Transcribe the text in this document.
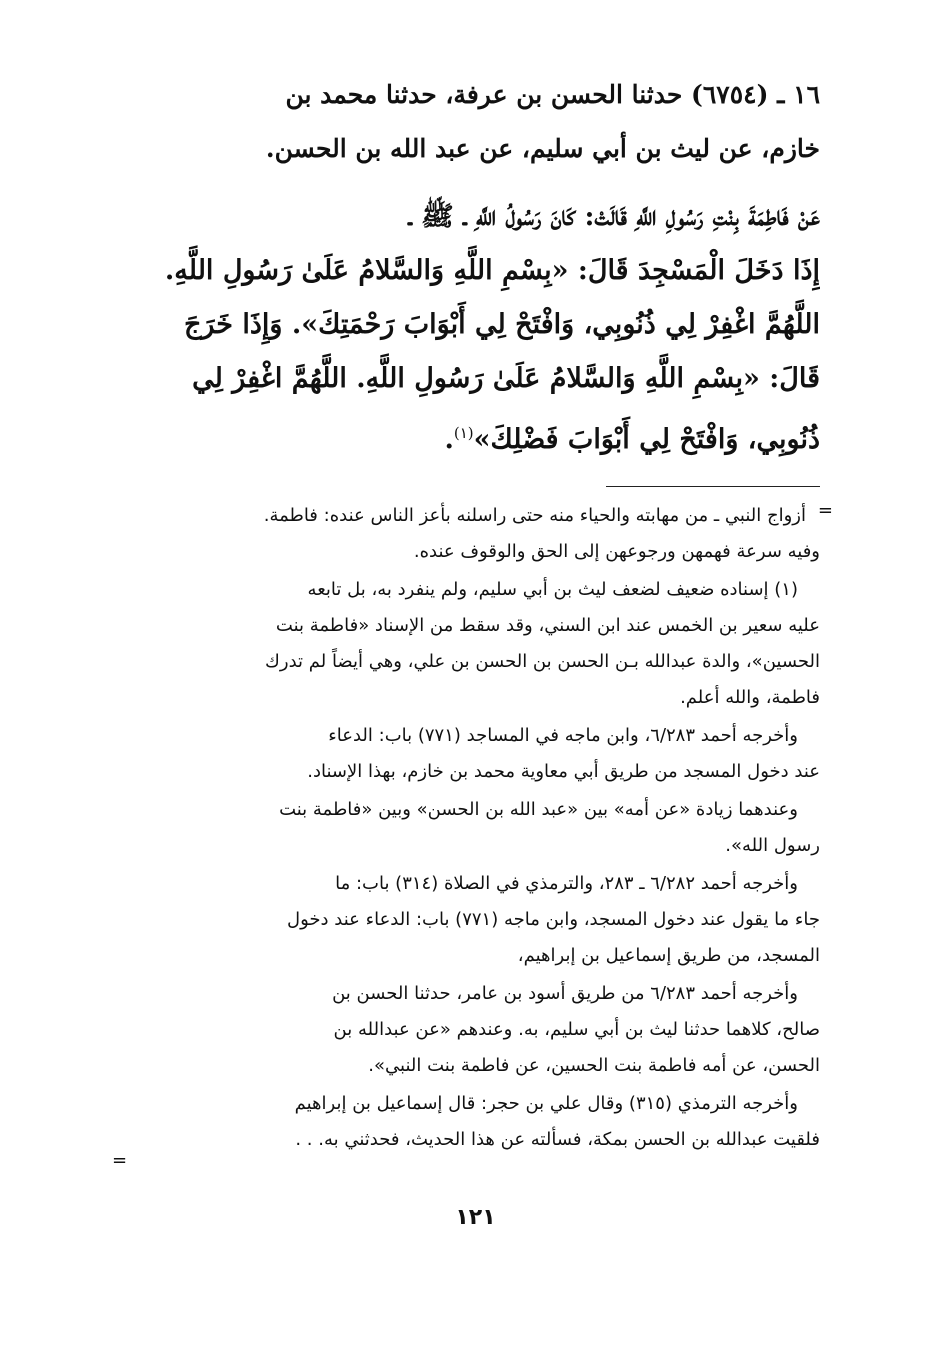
١٦ ـ (٦٧٥٤) حدثنا الحسن بن عرفة، حدثنا محمد بن
خازم، عن ليث بن أبي سليم، عن عبد الله بن الحسن.
عَنْ فَاطِمَةَ بِنْتِ رَسُولِ اللَّهِ قَالَتْ: كَانَ رَسُولُ اللَّهِ ـ ﷺ ـ
إِذَا دَخَلَ الْمَسْجِدَ قَالَ: «بِسْمِ اللَّهِ وَالسَّلامُ عَلَىٰ رَسُولِ اللَّهِ.
اللَّهُمَّ اغْفِرْ لِي ذُنُوبِي، وَافْتَحْ لِي أَبْوَابَ رَحْمَتِكَ». وَإِذَا خَرَجَ
قَالَ: «بِسْمِ اللَّهِ وَالسَّلامُ عَلَىٰ رَسُولِ اللَّهِ. اللَّهُمَّ اغْفِرْ لِي
ذُنُوبِي، وَافْتَحْ لِي أَبْوَابَ فَضْلِكَ»$^{(١)}$.
=
أزواج النبي ـ من مهابته والحياء منه حتى راسلنه بأعز الناس عنده: فاطمة.
وفيه سرعة فهمهن ورجوعهن إلى الحق والوقوف عنده.
(١) إسناده ضعيف لضعف ليث بن أبي سليم، ولم ينفرد به، بل تابعه
عليه سعير بن الخمس عند ابن السني، وقد سقط من الإسناد «فاطمة بنت
الحسين»، والدة عبدالله بـن الحسن بن الحسن بن علي، وهي أيضاً لم تدرك
فاطمة، والله أعلم.
وأخرجه أحمد ٦/٢٨٣، وابن ماجه في المساجد (٧٧١) باب: الدعاء
عند دخول المسجد من طريق أبي معاوية محمد بن خازم، بهذا الإسناد.
وعندهما زيادة «عن أمه» بين «عبد الله بن الحسن» وبين «فاطمة بنت
رسول الله».
وأخرجه أحمد ٦/٢٨٢ ـ ٢٨٣، والترمذي في الصلاة (٣١٤) باب: ما
جاء ما يقول عند دخول المسجد، وابن ماجه (٧٧١) باب: الدعاء عند دخول
المسجد، من طريق إسماعيل بن إبراهيم،
وأخرجه أحمد ٦/٢٨٣ من طريق أسود بن عامر، حدثنا الحسن بن
صالح، كلاهما حدثنا ليث بن أبي سليم، به. وعندهم «عن عبدالله بن
الحسن، عن أمه فاطمة بنت الحسين، عن فاطمة بنت النبي».
وأخرجه الترمذي (٣١٥) وقال علي بن حجر: قال إسماعيل بن إبراهيم
فلقيت عبدالله بن الحسن بمكة، فسألته عن هذا الحديث، فحدثني به. . .
=
١٢١
